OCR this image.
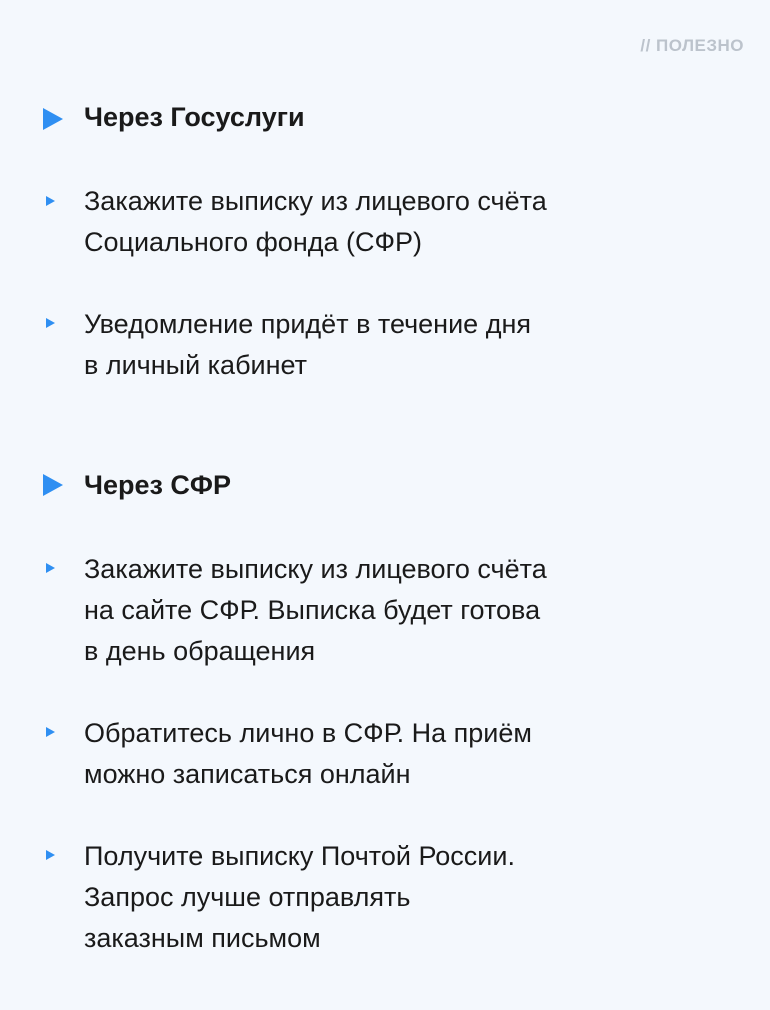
// ПОЛЕЗНО
Через Госуслуги
Закажите выписку из лицевого счёта
Социального фонда (СФР)
Уведомление придёт в течение дня
в личный кабинет
Через СФР
Закажите выписку из лицевого счёта
на сайте СФР. Выписка будет готова
в день обращения
Обратитесь лично в СФР. На приём
можно записаться онлайн
Получите выписку Почтой России.
Запрос лучше отправлять
заказным письмом
